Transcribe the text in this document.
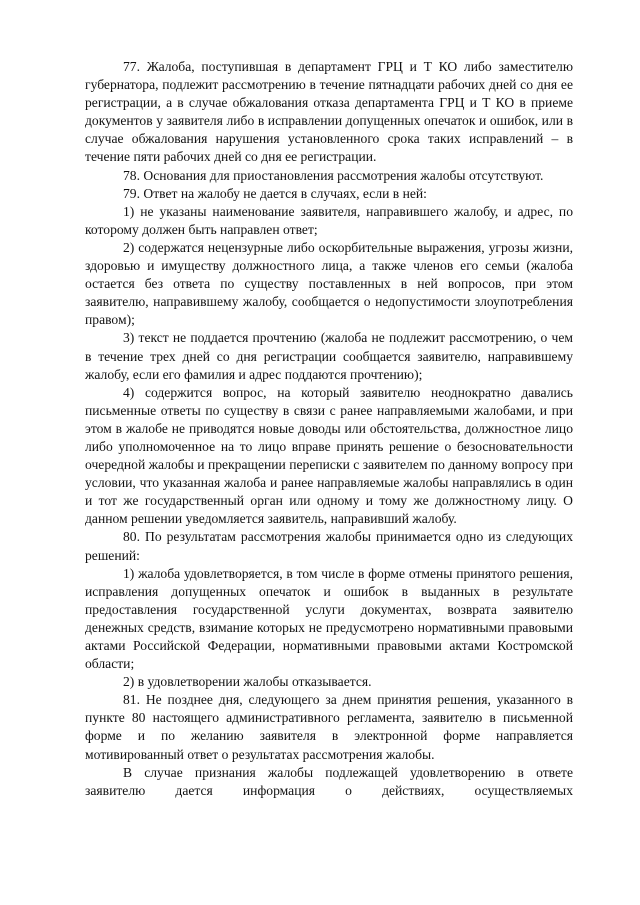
77. Жалоба, поступившая в департамент ГРЦ и Т КО либо заместителю губернатора, подлежит рассмотрению в течение пятнадцати рабочих дней со дня ее регистрации, а в случае обжалования отказа департамента ГРЦ и Т КО в приеме документов у заявителя либо в исправлении допущенных опечаток и ошибок, или в случае обжалования нарушения установленного срока таких исправлений – в течение пяти рабочих дней со дня ее регистрации.

78. Основания для приостановления рассмотрения жалобы отсутствуют.

79. Ответ на жалобу не дается в случаях, если в ней:

1) не указаны наименование заявителя, направившего жалобу, и адрес, по которому должен быть направлен ответ;

2) содержатся нецензурные либо оскорбительные выражения, угрозы жизни, здоровью и имуществу должностного лица, а также членов его семьи (жалоба остается без ответа по существу поставленных в ней вопросов, при этом заявителю, направившему жалобу, сообщается о недопустимости злоупотребления правом);

3) текст не поддается прочтению (жалоба не подлежит рассмотрению, о чем в течение трех дней со дня регистрации сообщается заявителю, направившему жалобу, если его фамилия и адрес поддаются прочтению);

4) содержится вопрос, на который заявителю неоднократно давались письменные ответы по существу в связи с ранее направляемыми жалобами, и при этом в жалобе не приводятся новые доводы или обстоятельства, должностное лицо либо уполномоченное на то лицо вправе принять решение о безосновательности очередной жалобы и прекращении переписки с заявителем по данному вопросу при условии, что указанная жалоба и ранее направляемые жалобы направлялись в один и тот же государственный орган или одному и тому же должностному лицу. О данном решении уведомляется заявитель, направивший жалобу.

80. По результатам рассмотрения жалобы принимается одно из следующих решений:

1) жалоба удовлетворяется, в том числе в форме отмены принятого решения, исправления допущенных опечаток и ошибок в выданных в результате предоставления государственной услуги документах, возврата заявителю денежных средств, взимание которых не предусмотрено нормативными правовыми актами Российской Федерации, нормативными правовыми актами Костромской области;

2) в удовлетворении жалобы отказывается.

81. Не позднее дня, следующего за днем принятия решения, указанного в пункте 80 настоящего административного регламента, заявителю в письменной форме и по желанию заявителя в электронной форме направляется мотивированный ответ о результатах рассмотрения жалобы.

В случае признания жалобы подлежащей удовлетворению в ответе заявителю дается информация о действиях, осуществляемых
